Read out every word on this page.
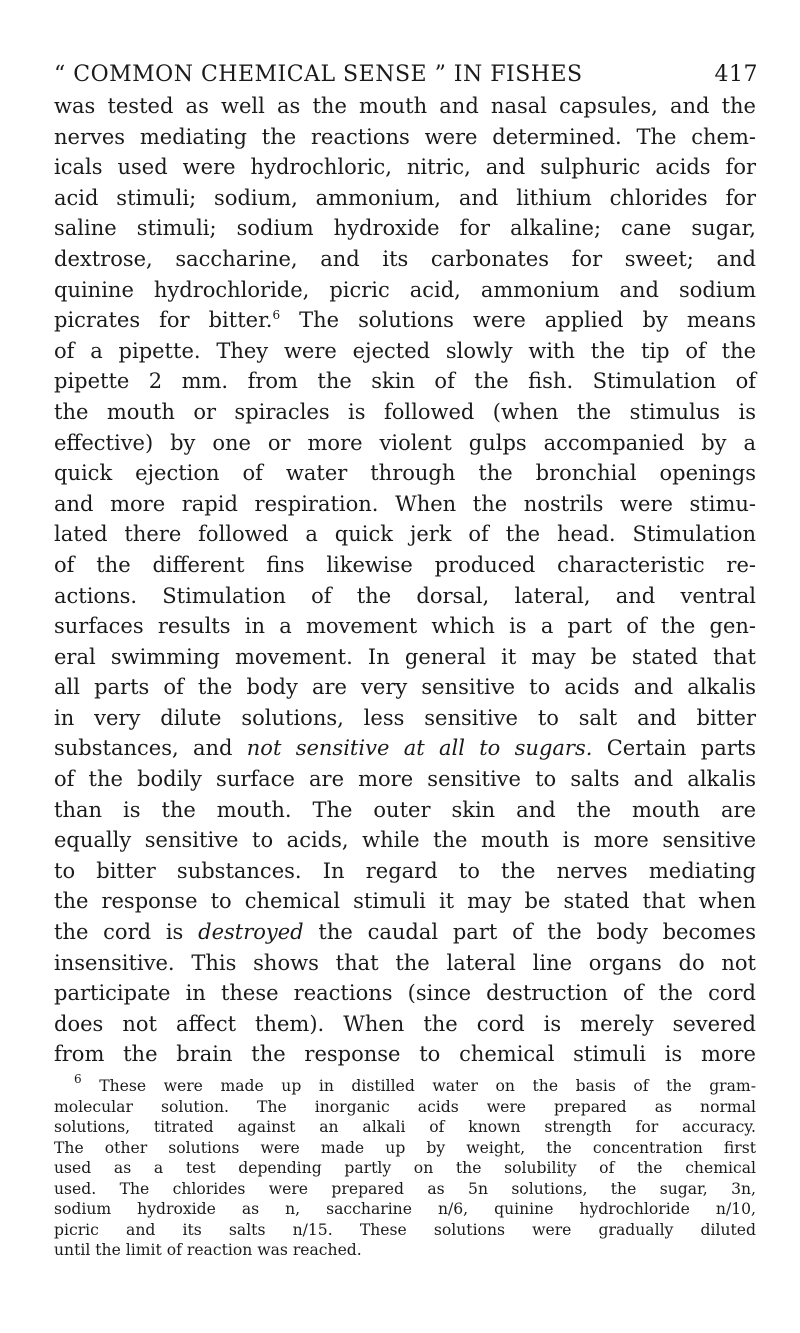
“ COMMON CHEMICAL SENSE ” IN FISHES	417
was tested as well as the mouth and nasal capsules, and the
nerves mediating the reactions were determined. The chem-
icals used were hydrochloric, nitric, and sulphuric acids for
acid stimuli; sodium, ammonium, and lithium chlorides for
saline stimuli; sodium hydroxide for alkaline; cane sugar,
dextrose, saccharine, and its carbonates for sweet; and
quinine hydrochloride, picric acid, ammonium and sodium
picrates for bitter.$^6$ The solutions were applied by means
of a pipette. They were ejected slowly with the tip of the
pipette 2 mm. from the skin of the fish. Stimulation of
the mouth or spiracles is followed (when the stimulus is
effective) by one or more violent gulps accompanied by a
quick ejection of water through the bronchial openings
and more rapid respiration. When the nostrils were stimu-
lated there followed a quick jerk of the head. Stimulation
of the different fins likewise produced characteristic re-
actions. Stimulation of the dorsal, lateral, and ventral
surfaces results in a movement which is a part of the gen-
eral swimming movement. In general it may be stated that
all parts of the body are very sensitive to acids and alkalis
in very dilute solutions, less sensitive to salt and bitter
substances, and not sensitive at all to sugars. Certain parts
of the bodily surface are more sensitive to salts and alkalis
than is the mouth. The outer skin and the mouth are
equally sensitive to acids, while the mouth is more sensitive
to bitter substances. In regard to the nerves mediating
the response to chemical stimuli it may be stated that when
the cord is destroyed the caudal part of the body becomes
insensitive. This shows that the lateral line organs do not
participate in these reactions (since destruction of the cord
does not affect them). When the cord is merely severed
from the brain the response to chemical stimuli is more
$^6$ These were made up in distilled water on the basis of the gram-
molecular solution. The inorganic acids were prepared as normal
solutions, titrated against an alkali of known strength for accuracy.
The other solutions were made up by weight, the concentration first
used as a test depending partly on the solubility of the chemical
used. The chlorides were prepared as 5n solutions, the sugar, 3n,
sodium hydroxide as n, saccharine n/6, quinine hydrochloride n/10,
picric and its salts n/15. These solutions were gradually diluted
until the limit of reaction was reached.
